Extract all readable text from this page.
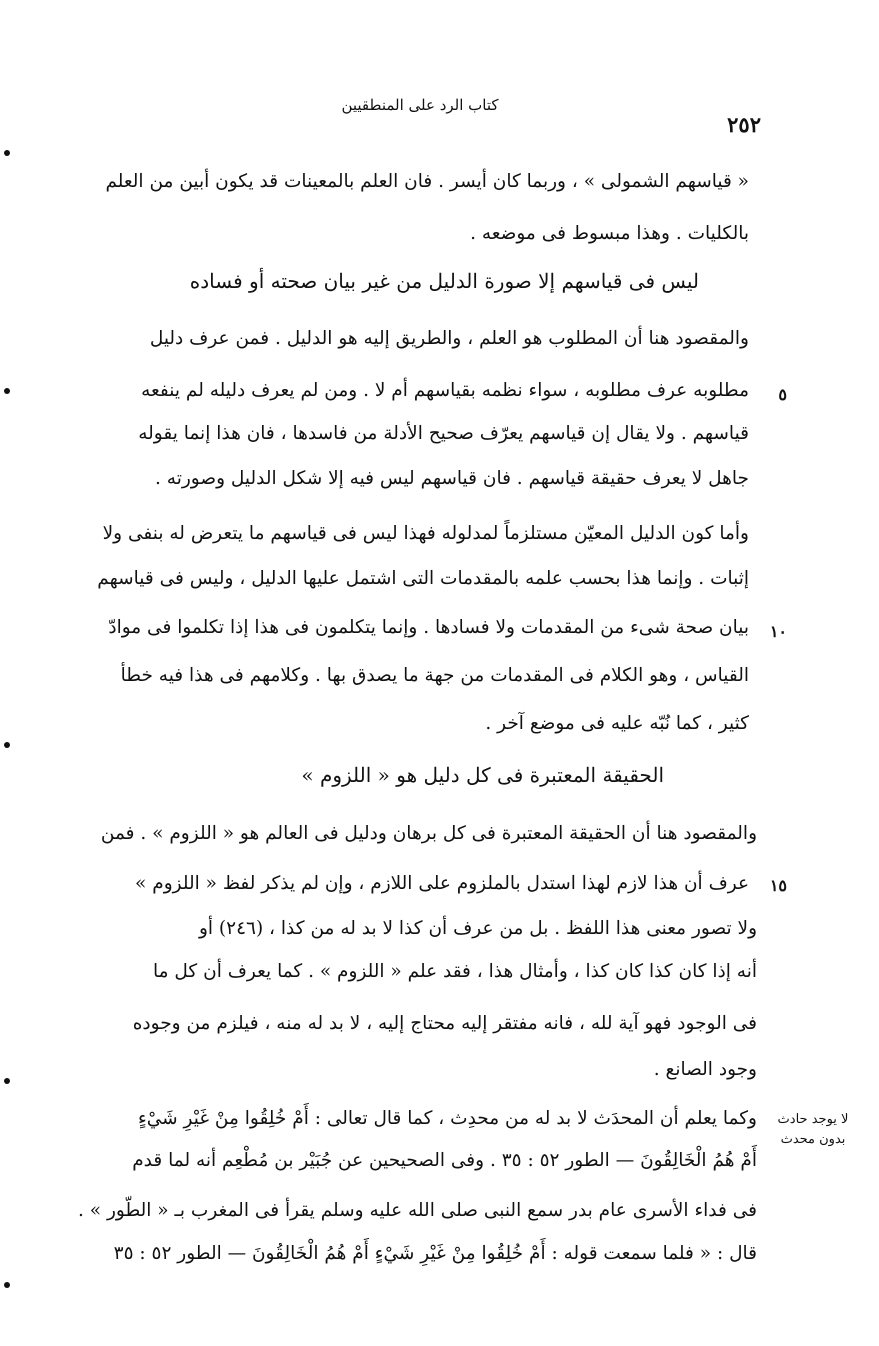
كتاب الرد على المنطقيين
٢٥٢
« قياسهم الشمولى » ، وربما كان أيسر . فان العلم بالمعينات قد يكون أبين من العلم
بالكليات . وهذا مبسوط فى موضعه .
ليس فى قياسهم إلا صورة الدليل من غير بيان صحته أو فساده
والمقصود هنا أن المطلوب هو العلم ، والطريق إليه هو الدليل . فمن عرف دليل
مطلوبه عرف مطلوبه ، سواء نظمه بقياسهم أم لا . ومن لم يعرف دليله لم ينفعه
قياسهم . ولا يقال إن قياسهم يعرّف صحيح الأدلة من فاسدها ، فان هذا إنما يقوله
جاهل لا يعرف حقيقة قياسهم . فان قياسهم ليس فيه إلا شكل الدليل وصورته .
وأما كون الدليل المعيّن مستلزماً لمدلوله فهذا ليس فى قياسهم ما يتعرض له بنفى ولا
إثبات . وإنما هذا بحسب علمه بالمقدمات التى اشتمل عليها الدليل ، وليس فى قياسهم
بيان صحة شىء من المقدمات ولا فسادها . وإنما يتكلمون فى هذا إذا تكلموا فى موادّ
القياس ، وهو الكلام فى المقدمات من جهة ما يصدق بها . وكلامهم فى هذا فيه خطأ
كثير ، كما نُبّه عليه فى موضع آخر .
الحقيقة المعتبرة فى كل دليل هو « اللزوم »
والمقصود هنا أن الحقيقة المعتبرة فى كل برهان ودليل فى العالم هو « اللزوم » . فمن
عرف أن هذا لازم لهذا استدل بالملزوم على اللازم ، وإن لم يذكر لفظ « اللزوم »
ولا تصور معنى هذا اللفظ . بل من عرف أن كذا لا بد له من كذا ، (٢٤٦) أو
أنه إذا كان كذا كان كذا ، وأمثال هذا ، فقد علم « اللزوم » . كما يعرف أن كل ما
فى الوجود فهو آية لله ، فانه مفتقر إليه محتاج إليه ، لا بد له منه ، فيلزم من وجوده
وجود الصانع .
وكما يعلم أن المحدَث لا بد له من محدِث ، كما قال تعالى : أَمْ خُلِقُوا مِنْ غَيْرِ شَيْءٍ
أَمْ هُمُ الْخَالِقُونَ — الطور ٥٢ : ٣٥ . وفى الصحيحين عن جُبَيْر بن مُطْعِم أنه لما قدم
فى فداء الأسرى عام بدر سمع النبى صلى الله عليه وسلم يقرأ فى المغرب بـ « الطّور » .
قال : « فلما سمعت قوله : أَمْ خُلِقُوا مِنْ غَيْرِ شَيْءٍ أَمْ هُمُ الْخَالِقُونَ — الطور ٥٢ : ٣٥
٥
١٠
١٥
لا يوجد حادث بدون محدث
